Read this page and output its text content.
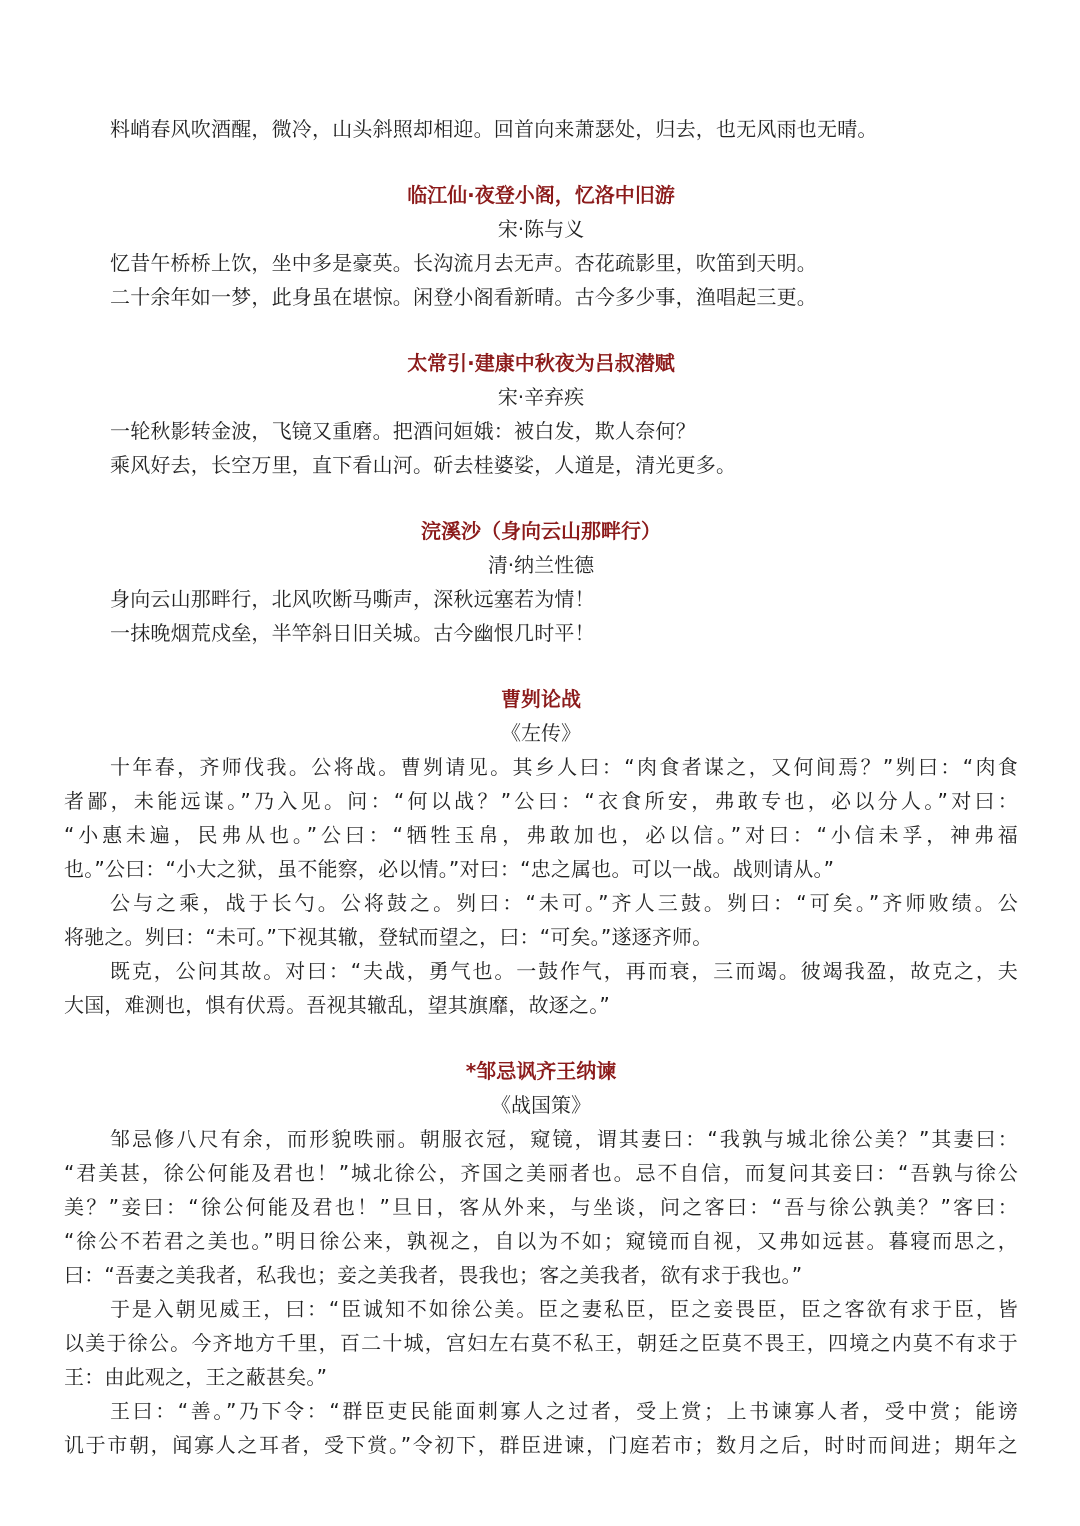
料峭春风吹酒醒，微冷，山头斜照却相迎。回首向来萧瑟处，归去，也无风雨也无晴。
临江仙·夜登小阁，忆洛中旧游
宋·陈与义
忆昔午桥桥上饮，坐中多是豪英。长沟流月去无声。杏花疏影里，吹笛到天明。
二十余年如一梦，此身虽在堪惊。闲登小阁看新晴。古今多少事，渔唱起三更。
太常引·建康中秋夜为吕叔潜赋
宋·辛弃疾
一轮秋影转金波，飞镜又重磨。把酒问姮娥：被白发，欺人奈何？
乘风好去，长空万里，直下看山河。斫去桂婆娑，人道是，清光更多。
浣溪沙（身向云山那畔行）
清·纳兰性德
身向云山那畔行，北风吹断马嘶声，深秋远塞若为情！
一抹晚烟荒戍垒，半竿斜日旧关城。古今幽恨几时平！
曹刿论战
《左传》
十年春，齐师伐我。公将战。曹刿请见。其乡人曰：“肉食者谋之，又何间焉？”刿曰：“肉食
者鄙，未能远谋。”乃入见。问：“何以战？”公曰：“衣食所安，弗敢专也，必以分人。”对曰：
“小惠未遍，民弗从也。”公曰：“牺牲玉帛，弗敢加也，必以信。”对曰：“小信未孚，神弗福
也。”公曰：“小大之狱，虽不能察，必以情。”对曰：“忠之属也。可以一战。战则请从。”
公与之乘，战于长勺。公将鼓之。刿曰：“未可。”齐人三鼓。刿曰：“可矣。”齐师败绩。公
将驰之。刿曰：“未可。”下视其辙，登轼而望之，曰：“可矣。”遂逐齐师。
既克，公问其故。对曰：“夫战，勇气也。一鼓作气，再而衰，三而竭。彼竭我盈，故克之，夫
大国，难测也，惧有伏焉。吾视其辙乱，望其旗靡，故逐之。”
*邹忌讽齐王纳谏
《战国策》
邹忌修八尺有余，而形貌昳丽。朝服衣冠，窥镜，谓其妻曰：“我孰与城北徐公美？”其妻曰：
“君美甚，徐公何能及君也！”城北徐公，齐国之美丽者也。忌不自信，而复问其妾曰：“吾孰与徐公
美？”妾曰：“徐公何能及君也！”旦日，客从外来，与坐谈，问之客曰：“吾与徐公孰美？”客曰：
“徐公不若君之美也。”明日徐公来，孰视之，自以为不如；窥镜而自视，又弗如远甚。暮寝而思之，
曰：“吾妻之美我者，私我也；妾之美我者，畏我也；客之美我者，欲有求于我也。”
于是入朝见威王，曰：“臣诚知不如徐公美。臣之妻私臣，臣之妾畏臣，臣之客欲有求于臣，皆
以美于徐公。今齐地方千里，百二十城，宫妇左右莫不私王，朝廷之臣莫不畏王，四境之内莫不有求于
王：由此观之，王之蔽甚矣。”
王曰：“善。”乃下令：“群臣吏民能面刺寡人之过者，受上赏；上书谏寡人者，受中赏；能谤
讥于市朝，闻寡人之耳者，受下赏。”令初下，群臣进谏，门庭若市；数月之后，时时而间进；期年之
